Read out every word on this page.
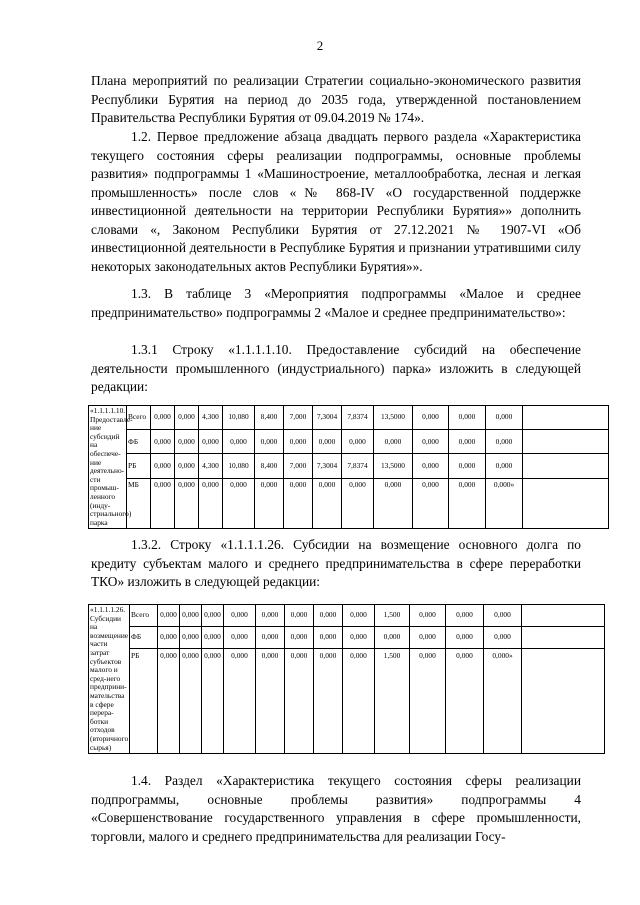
2

Плана мероприятий по реализации Стратегии социально-экономического развития Республики Бурятия на период до 2035 года, утвержденной постановлением Правительства Республики Бурятия от 09.04.2019 № 174».

1.2. Первое предложение абзаца двадцать первого раздела «Характеристика текущего состояния сферы реализации подпрограммы, основные проблемы развития» подпрограммы 1 «Машиностроение, металлообработка, лесная и легкая промышленность» после слов «№ 868-IV «О государственной поддержке инвестиционной деятельности на территории Республики Бурятия»» дополнить словами «, Законом Республики Бурятия от 27.12.2021 № 1907-VI «Об инвестиционной деятельности в Республике Бурятия и признании утратившими силу некоторых законодательных актов Республики Бурятия»».

1.3. В таблице 3 «Мероприятия подпрограммы «Малое и среднее предпринимательство» подпрограммы 2 «Малое и среднее предпринимательство»:

1.3.1 Строку «1.1.1.1.10. Предоставление субсидий на обеспечение деятельности промышленного (индустриального) парка» изложить в следующей редакции:

«1.1.1.1.10. Предоставле-ние субсидий на обеспече-ние деятельно-сти промыш-ленного (инду-стриального) парка	Всего	0,000	0,000	4,300	10,080	8,400	7,000	7,3004	7,8374	13,5000	0,000	0,000	0,000	
	ФБ	0,000	0,000	0,000	0,000	0,000	0,000	0,000	0,000	0,000	0,000	0,000	0,000	
	РБ	0,000	0,000	4,300	10,080	8,400	7,000	7,3004	7,8374	13,5000	0,000	0,000	0,000	
	МБ	0,000	0,000	0,000	0,000	0,000	0,000	0,000	0,000	0,000	0,000	0,000	0,000»	

1.3.2. Строку «1.1.1.1.26. Субсидии на возмещение основного долга по кредиту субъектам малого и среднего предпринимательства в сфере переработки ТКО» изложить в следующей редакции:

«1.1.1.1.26. Субсидии на возмещение части затрат субъектов малого и сред-него предприни-мательства в сфере перера-ботки отходов (вторичного сырья)	Всего	0,000	0,000	0,000	0,000	0,000	0,000	0,000	0,000	1,500	0,000	0,000	0,000	
	ФБ	0,000	0,000	0,000	0,000	0,000	0,000	0,000	0,000	0,000	0,000	0,000	0,000	
	РБ	0,000	0,000	0,000	0,000	0,000	0,000	0,000	0,000	1,500	0,000	0,000	0,000»	

1.4. Раздел «Характеристика текущего состояния сферы реализации подпрограммы, основные проблемы развития» подпрограммы 4 «Совершенствование государственного управления в сфере промышленности, торговли, малого и среднего предпринимательства для реализации Госу-
